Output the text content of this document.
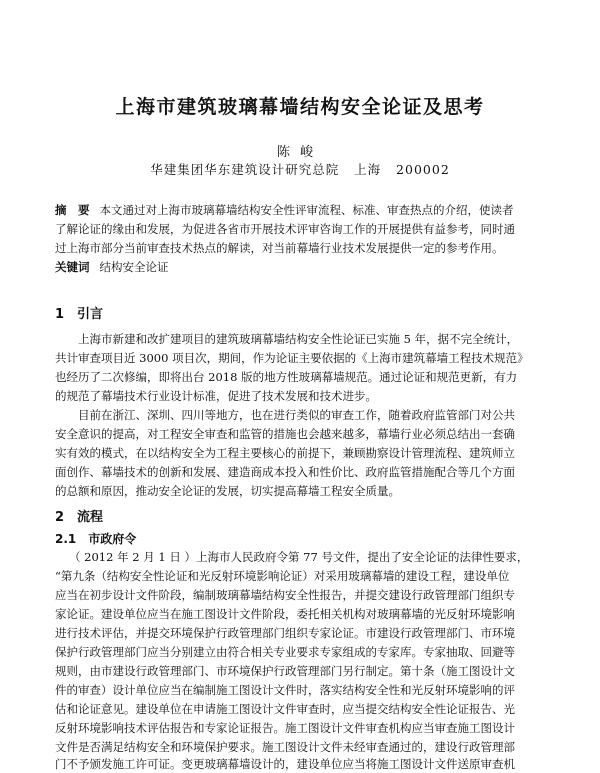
上海市建筑玻璃幕墙结构安全论证及思考
陈峻
华建集团华东建筑设计研究总院   上海   200002
摘　要 本文通过对上海市玻璃幕墙结构安全性评审流程、标准、审查热点的介绍，使读者
了解论证的缘由和发展，为促进各省市开展技术评审咨询工作的开展提供有益参考，同时通
过上海市部分当前审查技术热点的解读，对当前幕墙行业技术发展提供一定的参考作用。
关键词 结构安全论证
1　引言
上海市新建和改扩建项目的建筑玻璃幕墙结构安全性论证已实施 5 年，据不完全统计，
共计审查项目近 3000 项目次，期间，作为论证主要依据的《上海市建筑幕墙工程技术规范》
也经历了二次修编，即将出台 2018 版的地方性玻璃幕墙规范。通过论证和规范更新，有力
的规范了幕墙技术行业设计标准，促进了技术发展和技术进步。
目前在浙江、深圳、四川等地方，也在进行类似的审查工作，随着政府监管部门对公共
安全意识的提高，对工程安全审查和监管的措施也会越来越多，幕墙行业必须总结出一套确
实有效的模式，在以结构安全为工程主要核心的前提下，兼顾勘察设计管理流程、建筑师立
面创作、幕墙技术的创新和发展、建造商成本投入和性价比、政府监管措施配合等几个方面
的总额和原因，推动安全论证的发展，切实提高幕墙工程安全质量。
2　流程
2.1　市政府令
（ 2012 年 2 月 1 日 ）上海市人民政府令第 77 号文件，提出了安全论证的法律性要求，
“第九条（结构安全性论证和光反射环境影响论证）对采用玻璃幕墙的建设工程，建设单位
应当在初步设计文件阶段，编制玻璃幕墙结构安全性报告，并提交建设行政管理部门组织专
家论证。建设单位应当在施工图设计文件阶段，委托相关机构对玻璃幕墙的光反射环境影响
进行技术评估，并提交环境保护行政管理部门组织专家论证。市建设行政管理部门、市环境
保护行政管理部门应当分别建立由符合相关专业要求专家组成的专家库。专家抽取、回避等
规则，由市建设行政管理部门、市环境保护行政管理部门另行制定。第十条（施工图设计文
件的审查）设计单位应当在编制施工图设计文件时，落实结构安全性和光反射环境影响的评
估和论证意见。建设单位在申请施工图设计文件审查时，应当提交结构安全性论证报告、光
反射环境影响技术评估报告和专家论证报告。施工图设计文件审查机构应当审查施工图设计
文件是否满足结构安全和环境保护要求。施工图设计文件未经审查通过的，建设行政管理部
门不予颁发施工许可证。变更玻璃幕墙设计的，建设单位应当将施工图设计文件送原审查机
